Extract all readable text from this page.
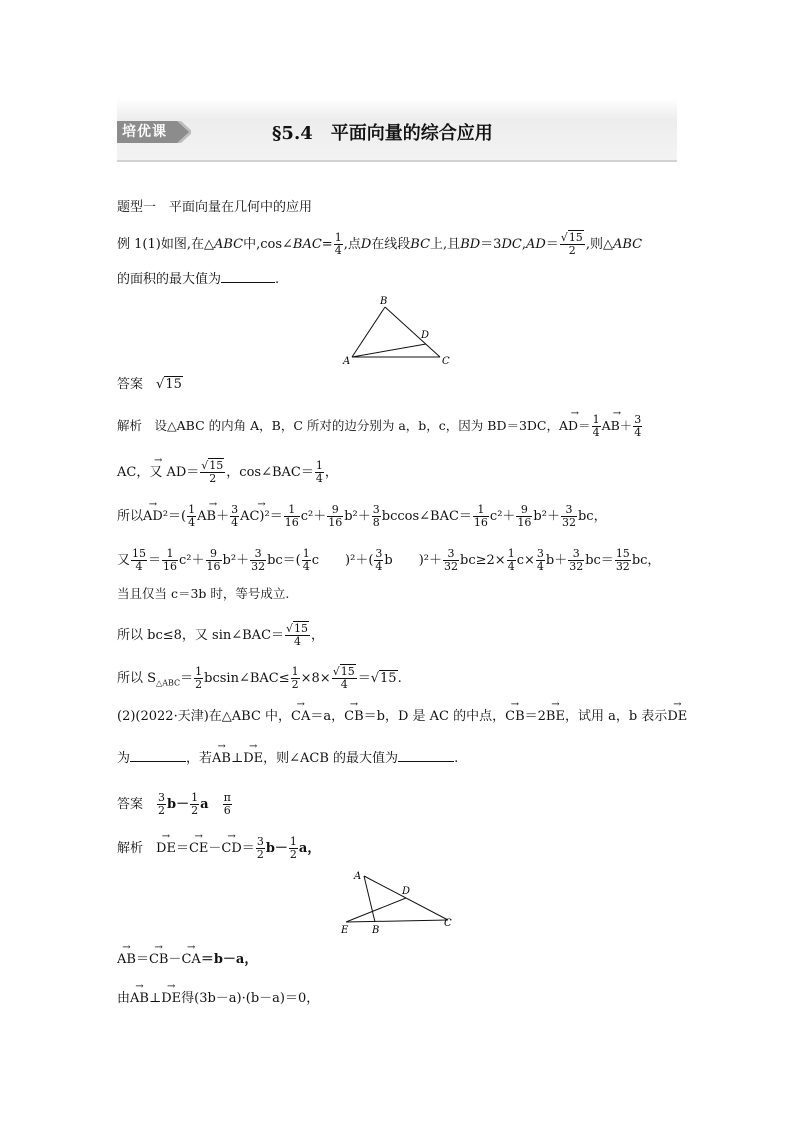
培优课	§5.4　平面向量的综合应用
题型一　平面向量在几何中的应用
例 1(1)如图,在△ABC中,cos∠BAC= $\frac{1}{4}$ ,点D在线段BC上,且$BD=3DC,AD= \frac{√15}{2}$ ,则△ABC
的面积的最大值为	.
B
D
A	C
答案　 √15
解析　 设△ABC 的内角 A，B，C 所对的边分别为 a，b，c，因为 BD＝3DC，→ $AD= \frac{1}{4}$
→ $AB+ \frac{3}{4}$
→ AC，又 $AD= \frac{√15}{2}$ ，cos∠BAC＝ $\frac{1}{4}$ ，
所以→ $AD^2=( \frac{1}{4}$
→ $AB+ \frac{3}{4}$
→ $AC)^2= \frac{1}{16} c^2+ \frac{9}{16} b^2+ \frac{3}{8}$ bccos∠BAC＝ $\frac{1}{16} c^2+ \frac{9}{16} b^2+ \frac{3}{32}$ bc，
又 $\frac{15}{4} = \frac{1}{16} c^2+ \frac{9}{16} b^2+ \frac{3}{32} bc=( \frac{1}{4}$ c　　)$^2+( \frac{3}{4}$ b　　)$^2+ \frac{3}{32} bc\ge 2\times \frac{1}{4} c\times \frac{3}{4} b+ \frac{3}{32} bc= \frac{15}{32}$ bc，
当且仅当 c＝3b 时，等号成立.
所以 bc≤8，又 sin∠BAC＝ $\frac{√15}{4}$ ，
所以 $S_{\triangle ABC}= \frac{1}{2}$ bcsin∠BAC≤ $\frac{1}{2} \times 8\times \frac{√15}{4} =√15$.
(2)(2022·天津)在△ABC 中，→ CA＝a，→ CB＝b，D 是 AC 的中点，→ CB＝2→ BE，试用 a，b 表示→ DE
为	，若→ AB⊥→ DE，则∠ACB 的最大值为	.
答案　 $\frac{3}{2} b- \frac{1}{2}$ a　 $\frac{\pi}{6}$
解析　→ $DE=\to CE-\to CD= \frac{3}{2} b- \frac{1}{2}$ a，
A
D
E B
C
→ AB＝→ CB－→ CA＝b－a，
由→ AB⊥→ DE得(3b－a)·(b－a)＝0，
